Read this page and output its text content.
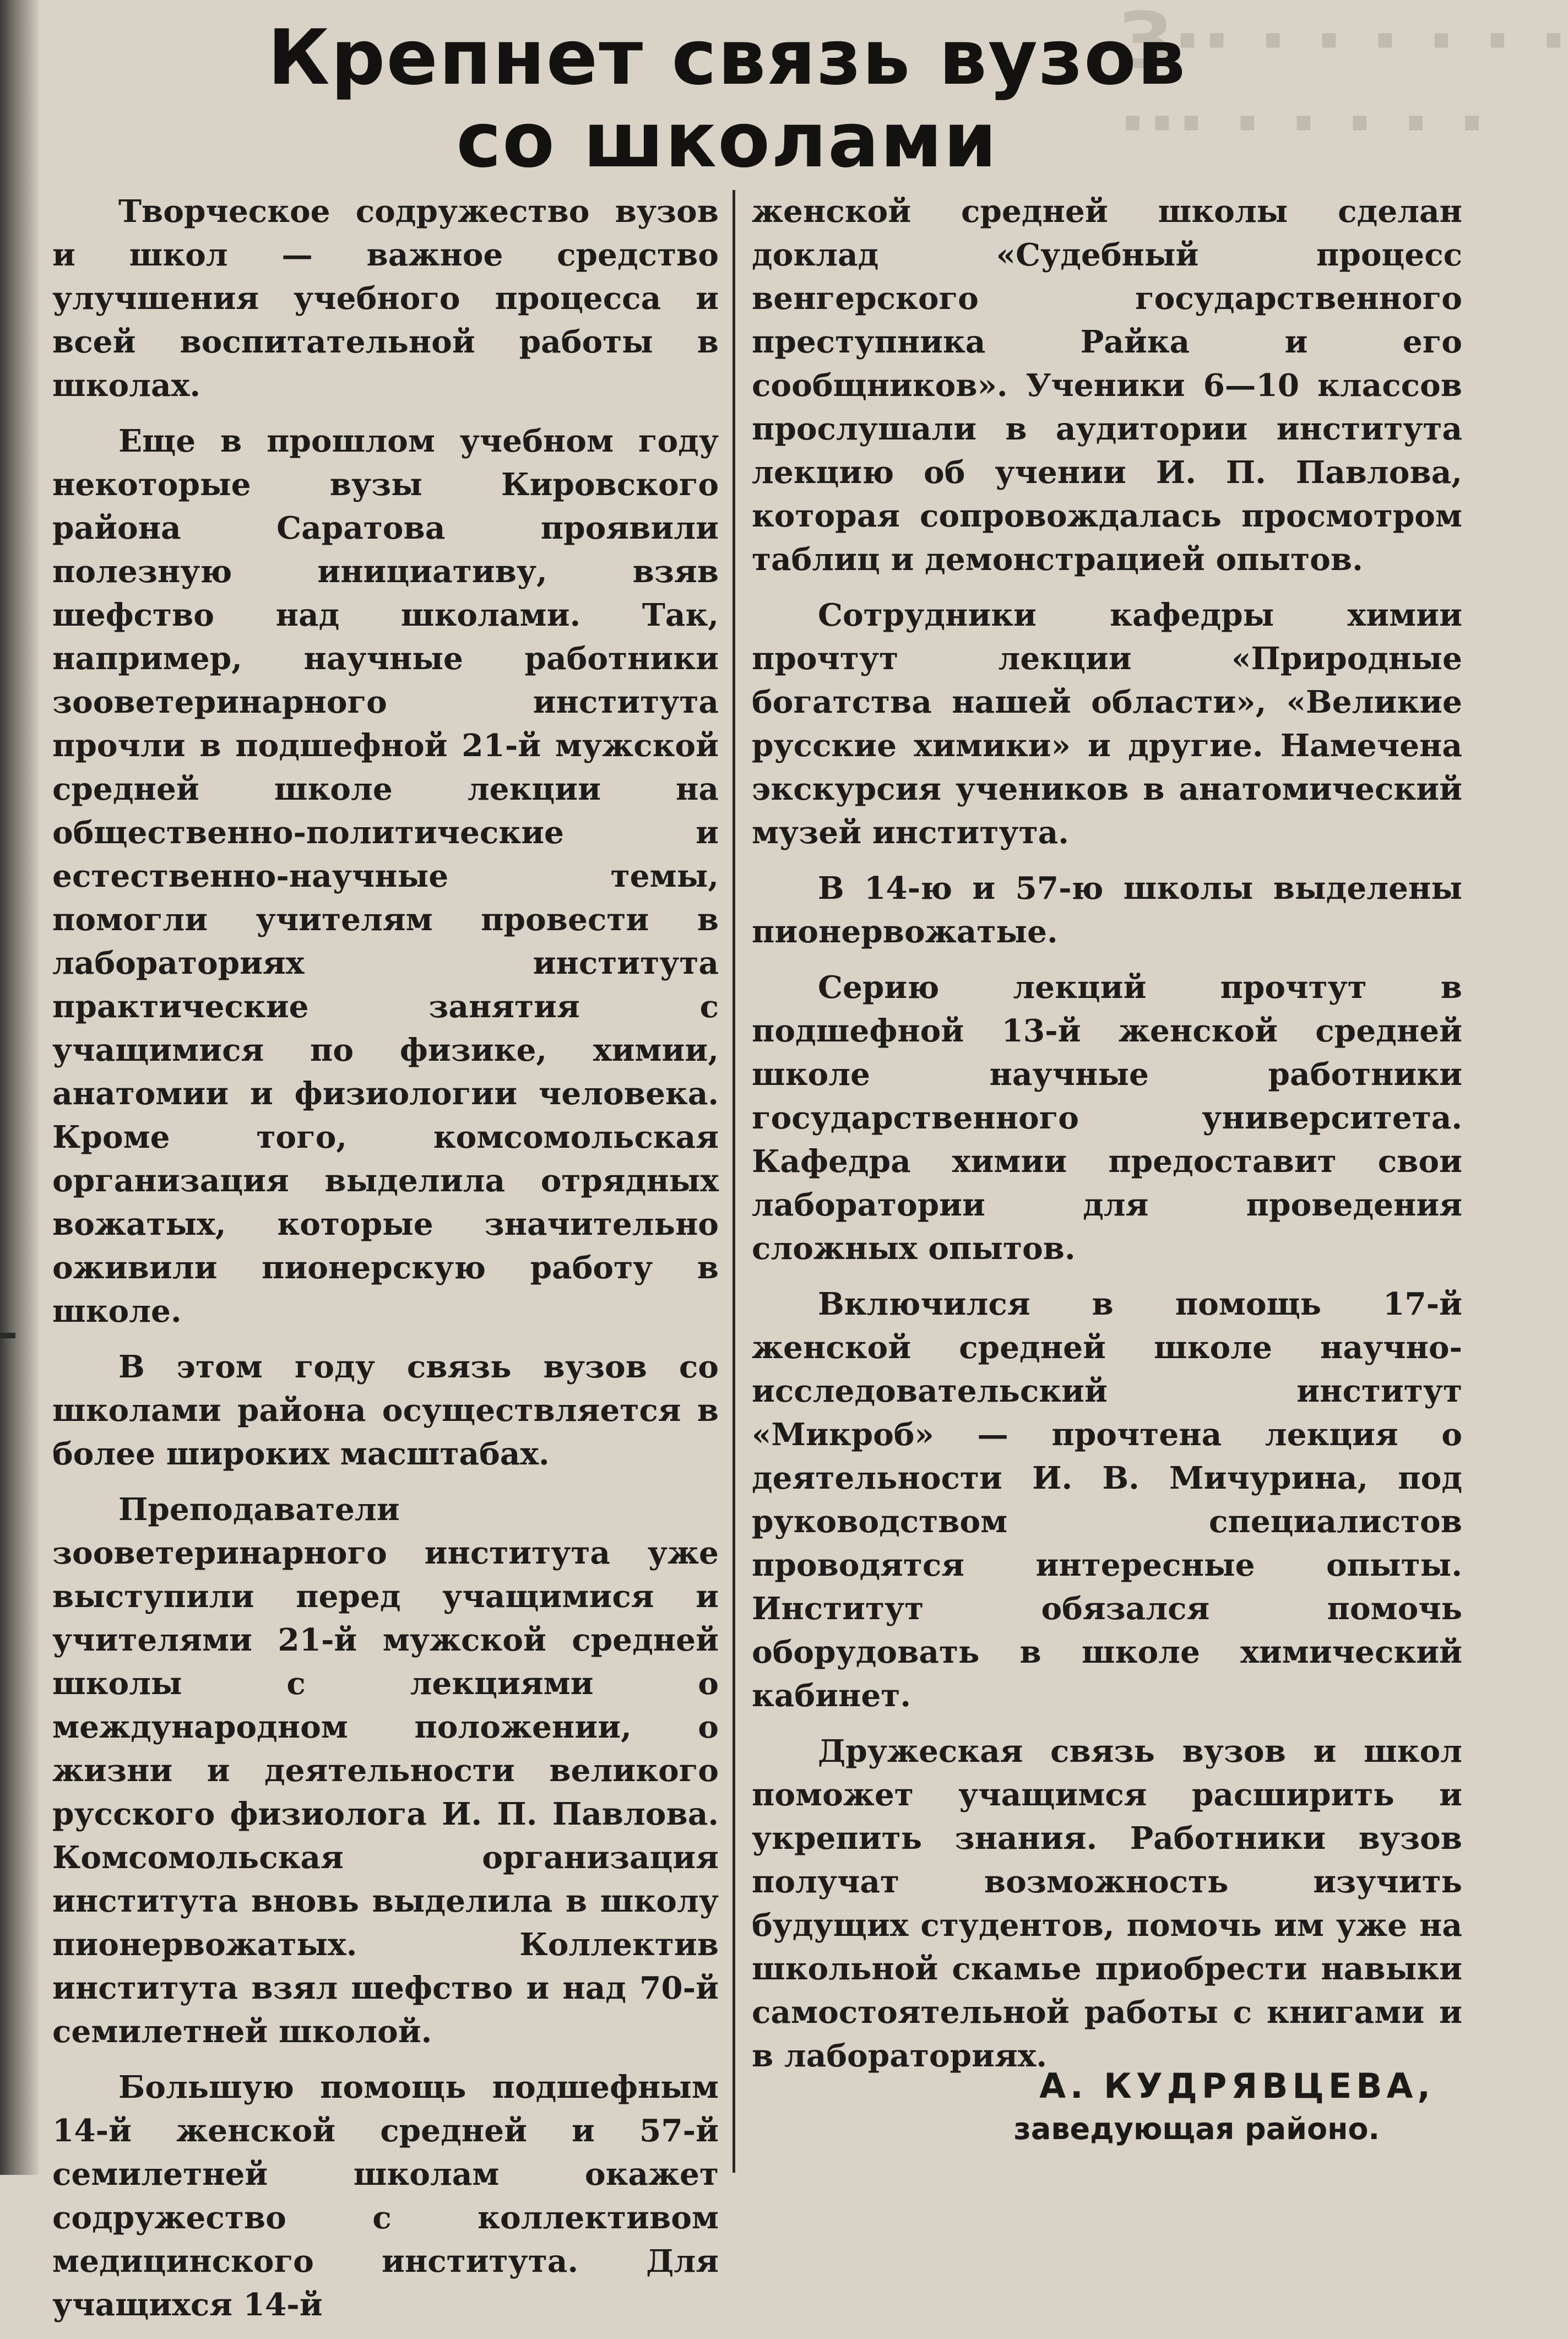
З·· · · · · · ·
··· · · · · ·
Крепнет связь вузов
со школами

Творческое содружество вузов и школ — важное средство улучшения учебного процесса и всей воспитательной работы в школах.

Еще в прошлом учебном году некоторые вузы Кировского района Саратова проявили полезную инициативу, взяв шефство над школами. Так, например, научные работники зооветеринарного института прочли в подшефной 21-й мужской средней школе лекции на общественно-политические и естественно-научные темы, помогли учителям провести в лабораториях института практические занятия с учащимися по физике, химии, анатомии и физиологии человека. Кроме того, комсомольская организация выделила отрядных вожатых, которые значительно оживили пионерскую работу в школе.

В этом году связь вузов со школами района осуществляется в более широких масштабах.

Преподаватели зооветеринарного института уже выступили перед учащимися и учителями 21-й мужской средней школы с лекциями о международном положении, о жизни и деятельности великого русского физиолога И. П. Павлова. Комсомольская организация института вновь выделила в школу пионервожатых. Коллектив института взял шефство и над 70-й семилетней школой.

Большую помощь подшефным 14-й женской средней и 57-й семилетней школам окажет содружество с коллективом медицинского института. Для учащихся 14-й

женской средней школы сделан доклад «Судебный процесс венгерского государственного преступника Райка и его сообщников». Ученики 6—10 классов прослушали в аудитории института лекцию об учении И. П. Павлова, которая сопровождалась просмотром таблиц и демонстрацией опытов.

Сотрудники кафедры химии прочтут лекции «Природные богатства нашей области», «Великие русские химики» и другие. Намечена экскурсия учеников в анатомический музей института.

В 14-ю и 57-ю школы выделены пионервожатые.

Серию лекций прочтут в подшефной 13-й женской средней школе научные работники государственного университета. Кафедра химии предоставит свои лаборатории для проведения сложных опытов.

Включился в помощь 17-й женской средней школе научно-исследовательский институт «Микроб» — прочтена лекция о деятельности И. В. Мичурина, под руководством специалистов проводятся интересные опыты. Институт обязался помочь оборудовать в школе химический кабинет.

Дружеская связь вузов и школ поможет учащимся расширить и укрепить знания. Работники вузов получат возможность изучить будущих студентов, помочь им уже на школьной скамье приобрести навыки самостоятельной работы с книгами и в лабораториях.

А. КУДРЯВЦЕВА,
заведующая районо.
